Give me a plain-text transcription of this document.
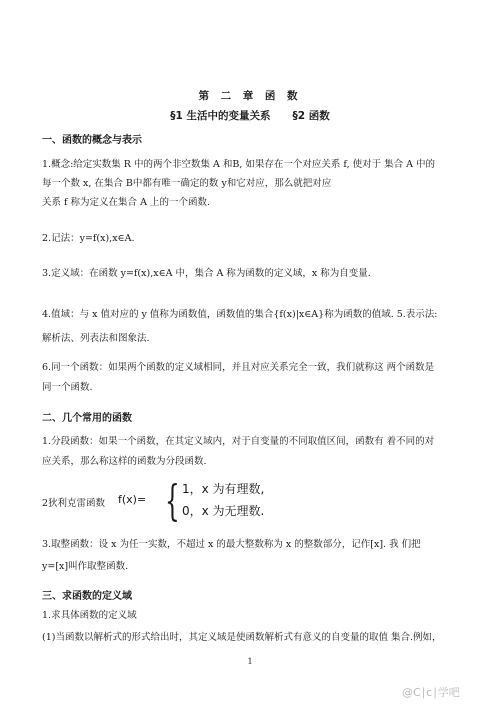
第 二 章 函 数
§1 生活中的变量关系 §2 函数
一、函数的概念与表示
1.概念:给定实数集 R 中的两个非空数集 A 和B, 如果存在一个对应关系 f, 使对于 集合 A 中的
每一个数 x, 在集合 B中都有唯一确定的数 y和它对应，那么就把对应
关系 f 称为定义在集合 A 上的一个函数.
2.记法：y=f(x),x∈A.
3.定义域：在函数 y=f(x),x∈A 中，集合 A 称为函数的定义域，x 称为自变量.
4.值域：与 x 值对应的 y 值称为函数值，函数值的集合{f(x)|x∈A}称为函数的值域. 5.表示法:
解析法、列表法和图象法.
6.同一个函数：如果两个函数的定义域相同，并且对应关系完全一致，我们就称这 两个函数是
同一个函数.
二、几个常用的函数
1.分段函数：如果一个函数，在其定义域内，对于自变量的不同取值区间，函数有 着不同的对
应关系，那么称这样的函数为分段函数.
2狄利克雷函数 f(x)= { 1，x 为有理数,
0，x 为无理数.
3.取整函数：设 x 为任一实数，不超过 x 的最大整数称为 x 的整数部分，记作[x]. 我 们把
y=[x]叫作取整函数.
三、求函数的定义域
1.求具体函数的定义域
(1)当函数以解析式的形式给出时，其定义域是使函数解析式有意义的自变量的取值 集合.例如，
1
@C∣c∣学吧
